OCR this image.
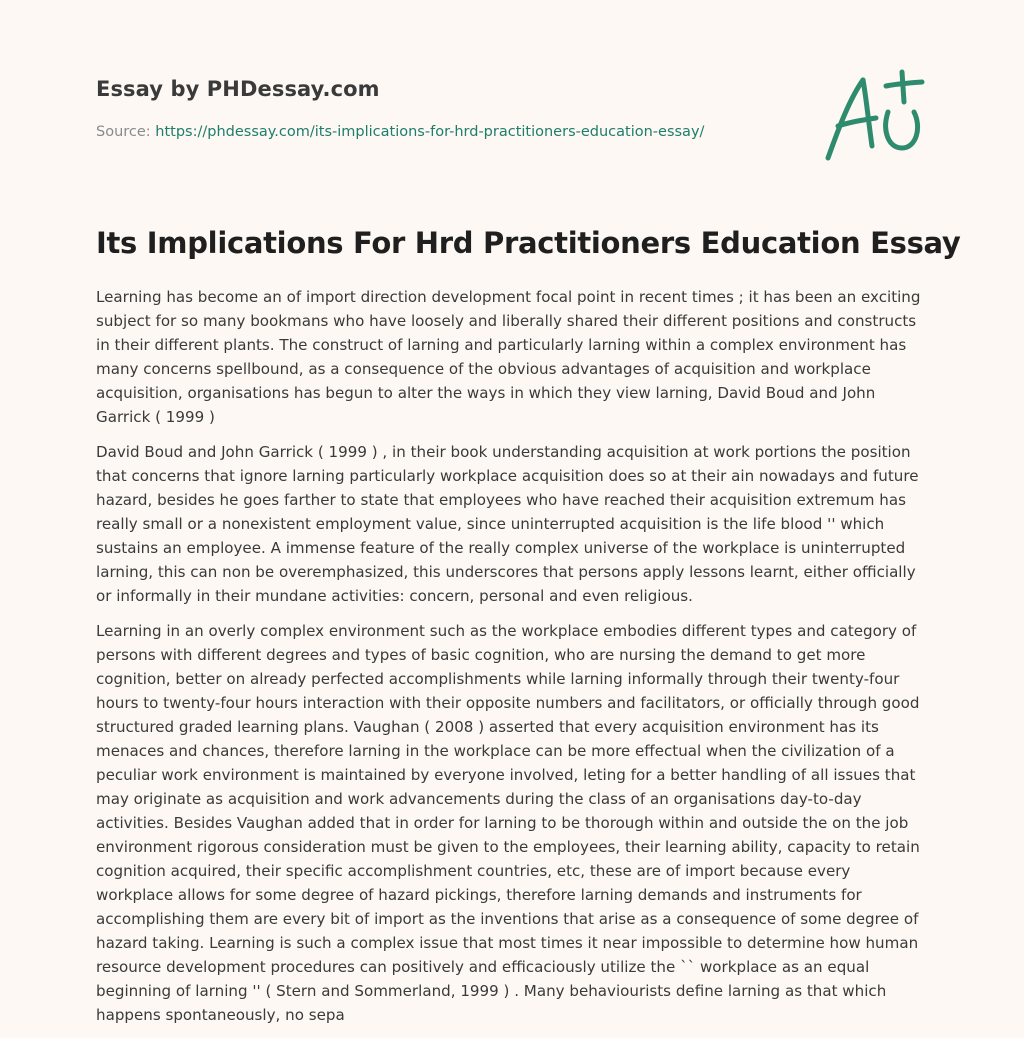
Essay by PHDessay.com
Source: https://phdessay.com/its-implications-for-hrd-practitioners-education-essay/
Its Implications For Hrd Practitioners Education Essay

Learning has become an of import direction development focal point in recent times ; it has been an exciting subject for so many bookmans who have loosely and liberally shared their different positions and constructs in their different plants. The construct of larning and particularly larning within a complex environment has many concerns spellbound, as a consequence of the obvious advantages of acquisition and workplace acquisition, organisations has begun to alter the ways in which they view larning, David Boud and John Garrick ( 1999 )

David Boud and John Garrick ( 1999 ) , in their book understanding acquisition at work portions the position that concerns that ignore larning particularly workplace acquisition does so at their ain nowadays and future hazard, besides he goes farther to state that employees who have reached their acquisition extremum has really small or a nonexistent employment value, since uninterrupted acquisition is the life blood '' which sustains an employee. A immense feature of the really complex universe of the workplace is uninterrupted larning, this can non be overemphasized, this underscores that persons apply lessons learnt, either officially or informally in their mundane activities: concern, personal and even religious.

Learning in an overly complex environment such as the workplace embodies different types and category of persons with different degrees and types of basic cognition, who are nursing the demand to get more cognition, better on already perfected accomplishments while larning informally through their twenty-four hours to twenty-four hours interaction with their opposite numbers and facilitators, or officially through good structured graded learning plans. Vaughan ( 2008 ) asserted that every acquisition environment has its menaces and chances, therefore larning in the workplace can be more effectual when the civilization of a peculiar work environment is maintained by everyone involved, leting for a better handling of all issues that may originate as acquisition and work advancements during the class of an organisations day-to-day activities. Besides Vaughan added that in order for larning to be thorough within and outside the on the job environment rigorous consideration must be given to the employees, their learning ability, capacity to retain cognition acquired, their specific accomplishment countries, etc, these are of import because every workplace allows for some degree of hazard pickings, therefore larning demands and instruments for accomplishing them are every bit of import as the inventions that arise as a consequence of some degree of hazard taking. Learning is such a complex issue that most times it near impossible to determine how human resource development procedures can positively and efficaciously utilize the `` workplace as an equal beginning of larning '' ( Stern and Sommerland, 1999 ) . Many behaviourists define larning as that which happens spontaneously, no sepa
